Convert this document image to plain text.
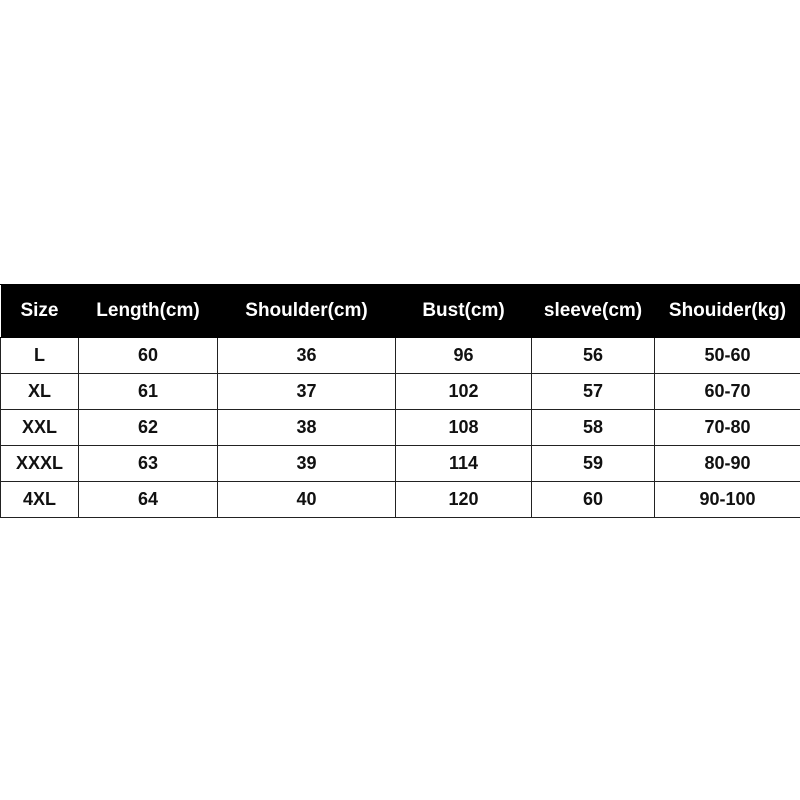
Size	Length(cm)	Shoulder(cm)	Bust(cm)	sleeve(cm)	Shouider(kg)
L	60	36	96	56	50-60
XL	61	37	102	57	60-70
XXL	62	38	108	58	70-80
XXXL	63	39	114	59	80-90
4XL	64	40	120	60	90-100
